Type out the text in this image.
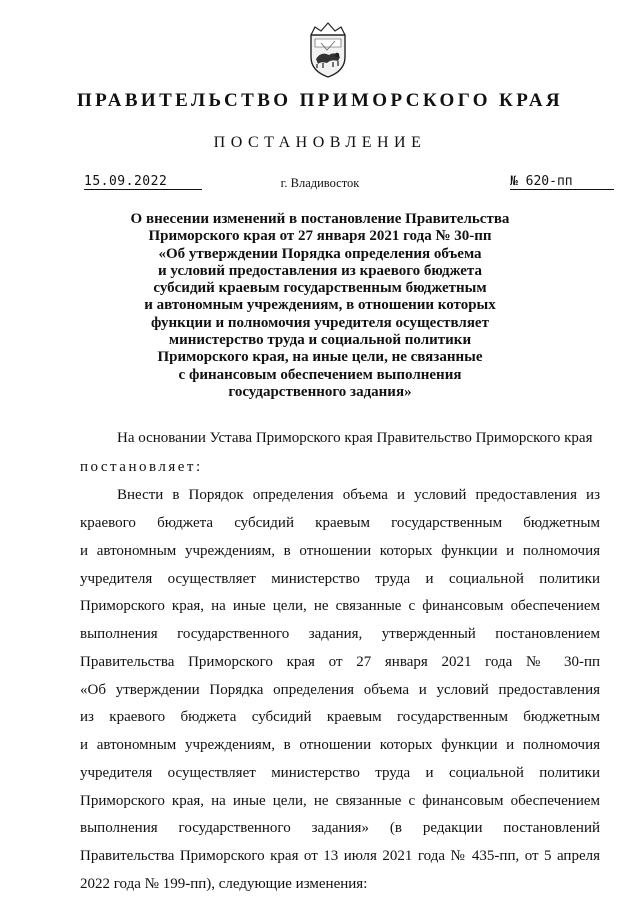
ПРАВИТЕЛЬСТВО ПРИМОРСКОГО КРАЯ
ПОСТАНОВЛЕНИЕ
15.09.2022	г. Владивосток	№ 620-пп
О внесении изменений в постановление Правительства
Приморского края от 27 января 2021 года № 30-пп
«Об утверждении Порядка определения объема
и условий предоставления из краевого бюджета
субсидий краевым государственным бюджетным
и автономным учреждениям, в отношении которых
функции и полномочия учредителя осуществляет
министерство труда и социальной политики
Приморского края, на иные цели, не связанные
с финансовым обеспечением выполнения
государственного задания»
На основании Устава Приморского края Правительство Приморского края
постановляет:
Внести в Порядок определения объема и условий предоставления из
краевого бюджета субсидий краевым государственным бюджетным
и автономным учреждениям, в отношении которых функции и полномочия
учредителя осуществляет министерство труда и социальной политики
Приморского края, на иные цели, не связанные с финансовым обеспечением
выполнения государственного задания, утвержденный постановлением
Правительства Приморского края от 27 января 2021 года № 30-пп
«Об утверждении Порядка определения объема и условий предоставления
из краевого бюджета субсидий краевым государственным бюджетным
и автономным учреждениям, в отношении которых функции и полномочия
учредителя осуществляет министерство труда и социальной политики
Приморского края, на иные цели, не связанные с финансовым обеспечением
выполнения государственного задания» (в редакции постановлений
Правительства Приморского края от 13 июля 2021 года № 435-пп, от 5 апреля
2022 года № 199-пп), следующие изменения:
